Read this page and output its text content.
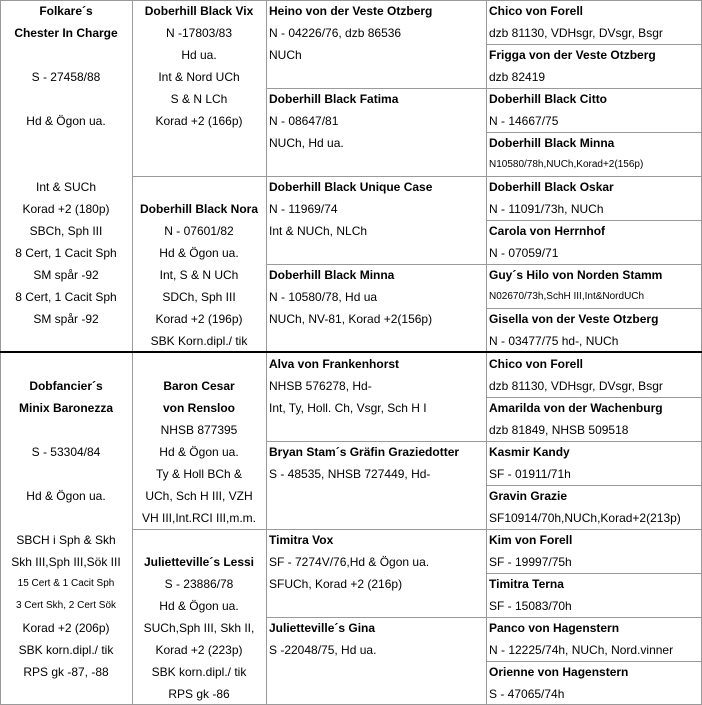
Folkare´s
Chester In Charge
S - 27458/88
Hd & Ögon ua.
Int & SUCh
Korad +2 (180p)
SBCh, Sph III
8 Cert, 1 Cacit Sph
SM spår -92
8 Cert, 1 Cacit Sph
SM spår -92
Doberhill Black Vix
N -17803/83
Hd ua.
Int & Nord UCh
S & N LCh
Korad +2 (166p)
Heino von der Veste Otzberg
N - 04226/76, dzb 86536
NUCh
Chico von Forell
dzb 81130, VDHsgr, DVsgr, Bsgr
Frigga von der Veste Otzberg
dzb 82419
Doberhill Black Fatima
N - 08647/81
NUCh, Hd ua.
Doberhill Black Citto
N - 14667/75
Doberhill Black Minna
N10580/78h,NUCh,Korad+2(156p)
Doberhill Black Nora
N - 07601/82
Hd & Ögon ua.
Int, S & N UCh
SDCh, Sph III
Korad +2 (196p)
SBK Korn.dipl./ tik
Doberhill Black Unique Case
N - 11969/74
Int & NUCh, NLCh
Doberhill Black Oskar
N - 11091/73h, NUCh
Carola von Herrnhof
N - 07059/71
Doberhill Black Minna
N - 10580/78, Hd ua
NUCh, NV-81, Korad +2(156p)
Guy´s Hilo von Norden Stamm
N02670/73h,SchH III,Int&NordUCh
Gisella von der Veste Otzberg
N - 03477/75 hd-, NUCh
Dobfancier´s
Minix Baronezza
S - 53304/84
Hd & Ögon ua.
SBCH i Sph & Skh
Skh III,Sph III,Sök III
15 Cert & 1 Cacit Sph
3 Cert Skh, 2 Cert Sök
Korad +2 (206p)
SBK korn.dipl./ tik
RPS gk -87, -88
Baron Cesar
von Rensloo
NHSB 877395
Hd & Ögon ua.
Ty & Holl BCh &
UCh, Sch H III, VZH
VH III,Int.RCI III,m.m.
Alva von Frankenhorst
NHSB 576278, Hd-
Int, Ty, Holl. Ch, Vsgr, Sch H I
Chico von Forell
dzb 81130, VDHsgr, DVsgr, Bsgr
Amarilda von der Wachenburg
dzb 81849, NHSB 509518
Bryan Stam´s Gräfin Graziedotter
S - 48535, NHSB 727449, Hd-
Kasmir Kandy
SF - 01911/71h
Gravin Grazie
SF10914/70h,NUCh,Korad+2(213p)
Julietteville´s Lessi
S - 23886/78
Hd & Ögon ua.
SUCh,Sph III, Skh II,
Korad +2 (223p)
SBK korn.dipl./ tik
RPS gk -86
Timitra Vox
SF - 7274V/76,Hd & Ögon ua.
SFUCh, Korad +2 (216p)
Kim von Forell
SF - 19997/75h
Timitra Terna
SF - 15083/70h
Julietteville´s Gina
S -22048/75, Hd ua.
Panco von Hagenstern
N - 12225/74h, NUCh, Nord.vinner
Orienne von Hagenstern
S - 47065/74h
